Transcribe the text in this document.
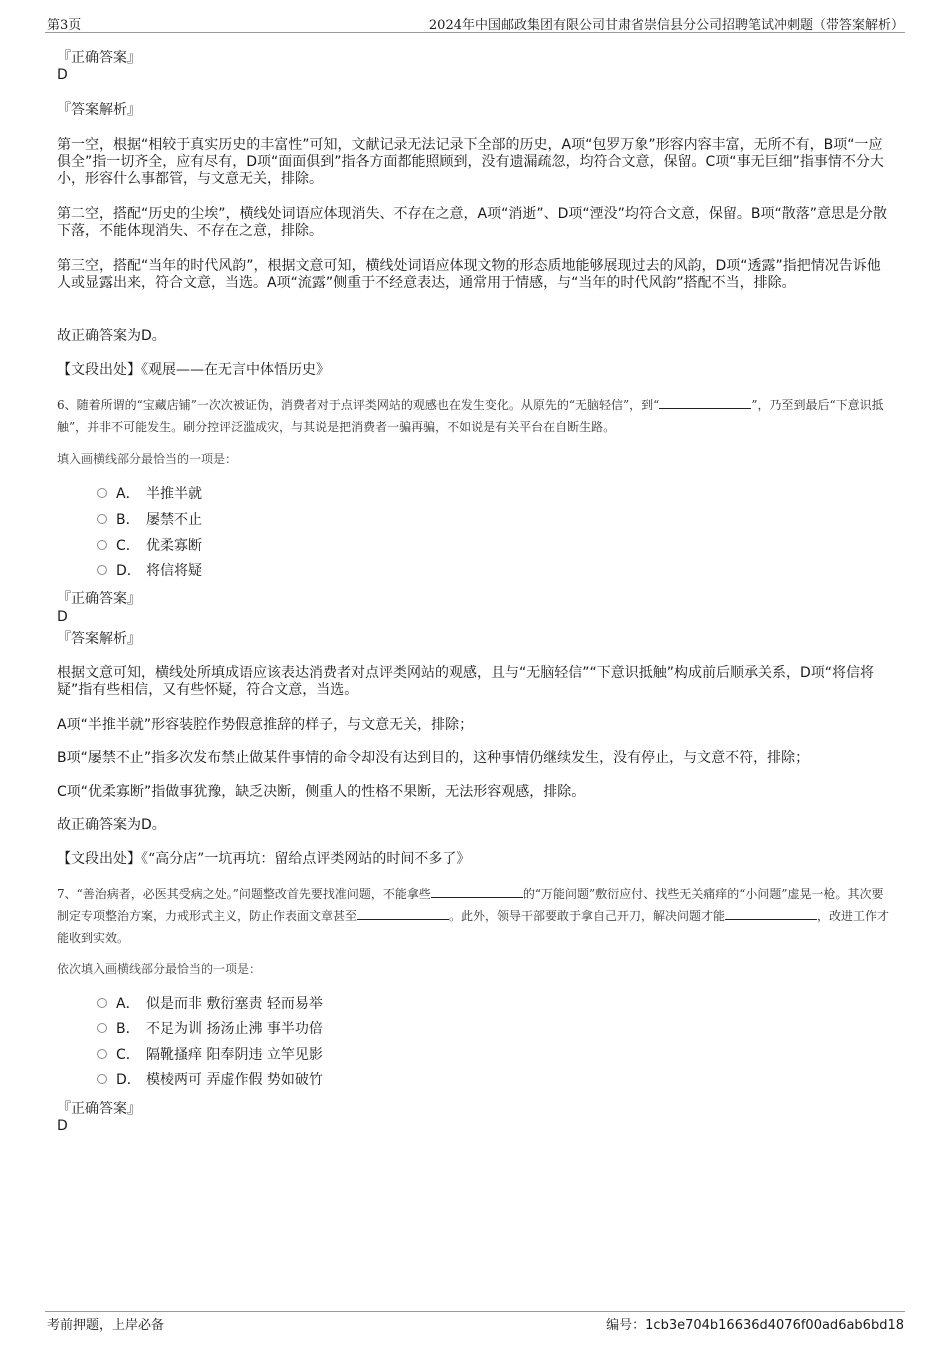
第3页	2024年中国邮政集团有限公司甘肃省崇信县分公司招聘笔试冲刺题（带答案解析）
『正确答案』
D
『答案解析』
第一空，根据“相较于真实历史的丰富性”可知，文献记录无法记录下全部的历史，A项“包罗万象”形容内容丰富，无所不有，B项“一应俱全”指一切齐全，应有尽有，D项“面面俱到”指各方面都能照顾到，没有遗漏疏忽，均符合文意，保留。C项“事无巨细”指事情不分大小，形容什么事都管，与文意无关，排除。
第二空，搭配“历史的尘埃”，横线处词语应体现消失、不存在之意，A项“消逝”、D项“湮没”均符合文意，保留。B项“散落”意思是分散下落，不能体现消失、不存在之意，排除。
第三空，搭配“当年的时代风韵”，根据文意可知，横线处词语应体现文物的形态质地能够展现过去的风韵，D项“透露”指把情况告诉他人或显露出来，符合文意，当选。A项“流露”侧重于不经意表达，通常用于情感，与“当年的时代风韵”搭配不当，排除。
故正确答案为D。
【文段出处】《观展——在无言中体悟历史》
6、随着所谓的“宝藏店铺”一次次被证伪，消费者对于点评类网站的观感也在发生变化。从原先的“无脑轻信”，到“	”，乃至到最后“下意识抵触”，并非不可能发生。刷分控评泛滥成灾，与其说是把消费者一骗再骗，不如说是有关平台在自断生路。
填入画横线部分最恰当的一项是：
A． 半推半就
B． 屡禁不止
C． 优柔寡断
D． 将信将疑
『正确答案』
D
『答案解析』
根据文意可知，横线处所填成语应该表达消费者对点评类网站的观感，且与“无脑轻信”“下意识抵触”构成前后顺承关系，D项“将信将疑”指有些相信，又有些怀疑，符合文意，当选。
A项“半推半就”形容装腔作势假意推辞的样子，与文意无关，排除；
B项“屡禁不止”指多次发布禁止做某件事情的命令却没有达到目的，这种事情仍继续发生，没有停止，与文意不符，排除；
C项“优柔寡断”指做事犹豫，缺乏决断，侧重人的性格不果断，无法形容观感，排除。
故正确答案为D。
【文段出处】《“高分店”一坑再坑：留给点评类网站的时间不多了》
7、“善治病者，必医其受病之处。”问题整改首先要找准问题，不能拿些	的“万能问题”敷衍应付、找些无关痛痒的“小问题”虚晃一枪。其次要制定专项整治方案，力戒形式主义，防止作表面文章甚至	。此外，领导干部要敢于拿自己开刀，解决问题才能	，改进工作才能收到实效。
依次填入画横线部分最恰当的一项是：
A． 似是而非 敷衍塞责 轻而易举
B． 不足为训 扬汤止沸 事半功倍
C． 隔靴搔痒 阳奉阴违 立竿见影
D． 模棱两可 弄虚作假 势如破竹
『正确答案』
D
考前押题，上岸必备	编号：1cb3e704b16636d4076f00ad6ab6bd18
